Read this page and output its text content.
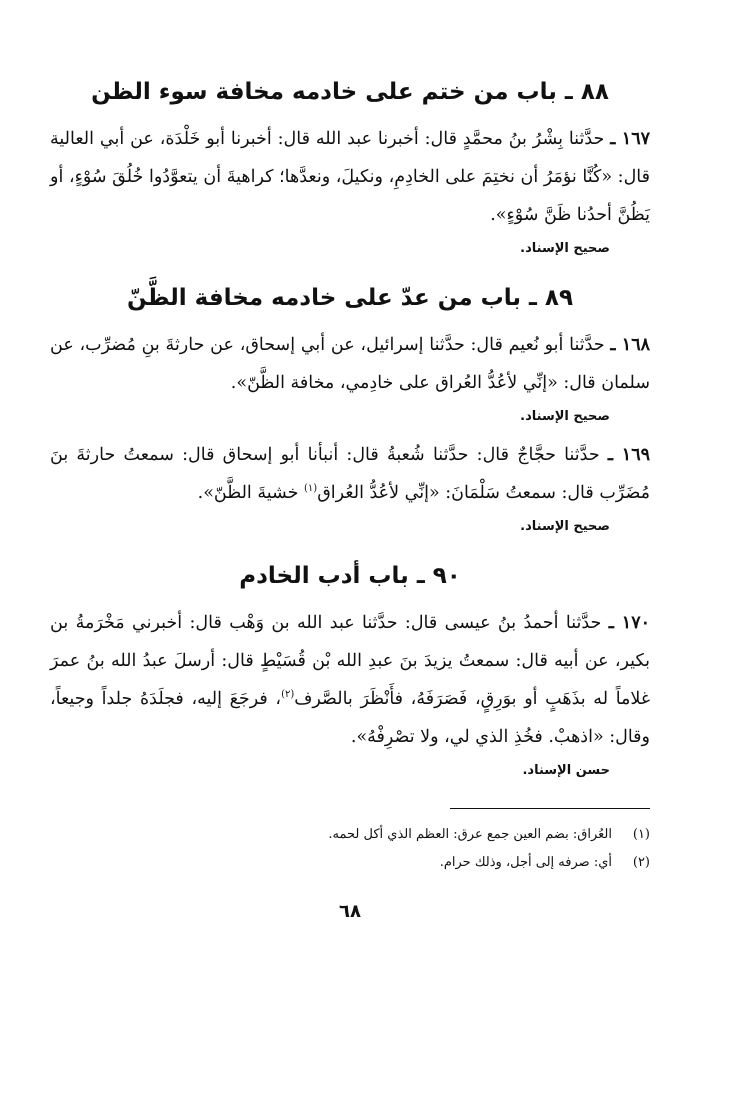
٨٨ ـ باب من ختم على خادمه مخافة سوء الظن

١٦٧ ـ حدَّثنا بِشْرُ بنُ محمَّدٍ قال: أخبرنا عبد الله قال: أخبرنا أبو خَلْدَة، عن أبي العالية قال: «كُنَّا نؤمَرُ أن نختِمَ على الخادِمِ، ونكيلَ، ونعدَّها؛ كراهيةَ أن يتعوَّدُوا خُلُقَ سُوْءٍ، أو يَظُنَّ أحدُنا ظَنَّ سُوْءٍ».

صحيح الإسناد.
٨٩ ـ باب من عدّ على خادمه مخافة الظَّنّ

١٦٨ ـ حدَّثنا أبو نُعيم قال: حدَّثنا إسرائيل، عن أبي إسحاق، عن حارثةَ بنِ مُضرِّب، عن سلمان قال: «إنِّي لأعُدُّ العُراق على خادِمي، مخافة الظَّنّ».

صحيح الإسناد.

١٦٩ ـ حدَّثنا حجَّاجٌ قال: حدَّثنا شُعبةُ قال: أنبأنا أبو إسحاق قال: سمعتُ حارثةَ بنَ مُضَرِّب قال: سمعتُ سَلْمَانَ: «إنِّي لأعُدُّ العُراق$^{(١)}$ خشيةَ الظَّنّ».

صحيح الإسناد.
٩٠ ـ باب أدب الخادم

١٧٠ ـ حدَّثنا أحمدُ بنُ عيسى قال: حدَّثنا عبد الله بن وَهْب قال: أخبرني مَخْرَمةُ بن بكير، عن أبيه قال: سمعتُ يزيدَ بنَ عبدِ الله بْن قُسَيْطٍ قال: أرسلَ عبدُ الله بنُ عمرَ غلاماً له بذَهَبٍ أو بوَرِقٍ، فَصَرَفَهُ، فأَنْظَرَ بالصَّرف$^{(٢)}$، فرجَعَ إليه، فجلَدَهُ جلداً وجيعاً، وقال: «اذهبْ. فخُذِ الذي لي، ولا تصْرِفْهُ».

حسن الإسناد.

(١)العُراق: بضم العين جمع عرق: العظم الذي أكل لحمه.

(٢)أي: صرفه إلى أجل، وذلك حرام.

٦٨
